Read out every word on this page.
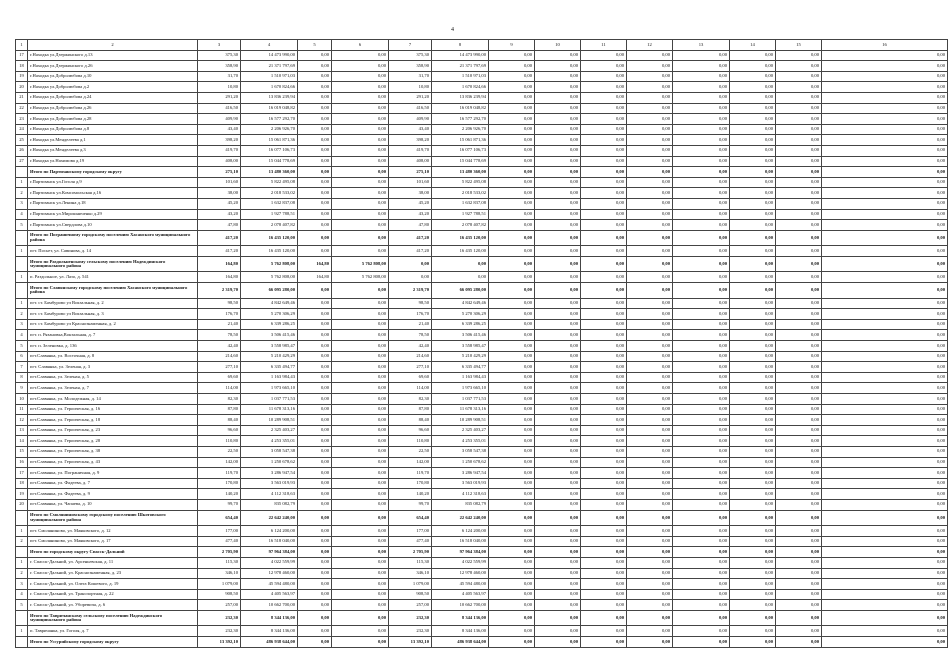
4
1	2	3	4	5	6	7	8	9	10	11	12	13	14	15	16
17	г.Находка ул.Дзержинского д.13	375,30	14 473 990,00	0,00	0,00	375,30	14 473 990,00	0,00	0,00	0,00	0,00	0,00	0,00	0,00	0,00
18	г.Находка ул.Дзержинского д.26	358,90	21 371 797,69	0,00	0,00	358,90	21 371 797,69	0,00	0,00	0,00	0,00	0,00	0,00	0,00	0,00
19	г.Находка ул.Добролюбова д.10	31,70	1 510 971,03	0,00	0,00	31,70	1 510 971,03	0,00	0,00	0,00	0,00	0,00	0,00	0,00	0,00
20	г.Находка ул.Добролюбова д.2	10,80	1 670 824,66	0,00	0,00	10,80	1 670 824,66	0,00	0,00	0,00	0,00	0,00	0,00	0,00	0,00
21	г.Находка ул.Добролюбова д.24	291,20	13 836 239,94	0,00	0,00	291,20	13 836 239,94	0,00	0,00	0,00	0,00	0,00	0,00	0,00	0,00
22	г.Находка ул.Добролюбова д.26	416,50	16 019 048,82	0,00	0,00	416,50	16 019 048,82	0,00	0,00	0,00	0,00	0,00	0,00	0,00	0,00
23	г.Находка ул.Добролюбова д.28	409,90	16 577 292,70	0,00	0,00	409,90	16 577 292,70	0,00	0,00	0,00	0,00	0,00	0,00	0,00	0,00
24	г.Находка ул.Добролюбова д.8	43,40	2 206 926,70	0,00	0,00	43,40	2 206 926,70	0,00	0,00	0,00	0,00	0,00	0,00	0,00	0,00
25	г.Находка ул.Менделеева д.1	398,20	15 061 871,36	0,00	0,00	398,20	15 061 871,36	0,00	0,00	0,00	0,00	0,00	0,00	0,00	0,00
26	г.Находка ул.Менделеева д.3	419,70	16 077 106,73	0,00	0,00	419,70	16 077 106,73	0,00	0,00	0,00	0,00	0,00	0,00	0,00	0,00
27	г.Находка ул.Нахимова д.19	408,00	15 044 778,69	0,00	0,00	408,00	15 044 778,69	0,00	0,00	0,00	0,00	0,00	0,00	0,00	0,00
	Итого по Партизанскому городскому округу	275,10	13 480 360,00	0,00	0,00	275,10	13 480 360,00	0,00	0,00	0,00	0,00	0,00	0,00	0,00	0,00
1	г.Партизанск ул.Гоголя д.9	101,60	5 822 495,08	0,00	0,00	101,60	5 822 495,08	0,00	0,00	0,00	0,00	0,00	0,00	0,00	0,00
2	г.Партизанск ул.Комсомольская д.16	38,00	2 018 533,02	0,00	0,00	38,00	2 018 533,02	0,00	0,00	0,00	0,00	0,00	0,00	0,00	0,00
3	г.Партизанск ул.Ленина д.18	45,20	1 632 837,08	0,00	0,00	45,20	1 632 837,08	0,00	0,00	0,00	0,00	0,00	0,00	0,00	0,00
4	г.Партизанск ул.Мирошниченко д.29	43,20	1 927 788,51	0,00	0,00	43,20	1 927 788,51	0,00	0,00	0,00	0,00	0,00	0,00	0,00	0,00
5	г.Партизанск ул.Свердлова д.10	47,80	2 078 407,82	0,00	0,00	47,80	2 078 407,82	0,00	0,00	0,00	0,00	0,00	0,00	0,00	0,00
	Итого по Пограничному городскому поселению Хасанского муниципального района	417,20	16 435 120,00	0,00	0,00	417,20	16 435 120,00	0,00	0,00	0,00	0,00	0,00	0,00	0,00	0,00
1	пгт. Посьет, ул. Савинова, д. 14	417,20	16 435 120,00	0,00	0,00	417,20	16 435 120,00	0,00	0,00	0,00	0,00	0,00	0,00	0,00	0,00
	Итого по Раздольненскому сельскому поселению Надеждинского муниципального района	164,80	5 762 808,00	164,80	5 762 808,00	0,00	0,00	0,00	0,00	0,00	0,00	0,00	0,00	0,00	0,00
1	п. Раздольное, ул. Лазо, д. 541	164,80	5 762 808,00	164,80	5 762 808,00	0,00	0,00	0,00	0,00	0,00	0,00	0,00	0,00	0,00	0,00
	Итого по Славянскому городскому поселению Хасанского муниципального района	2 319,70	66 095 280,00	0,00	0,00	2 319,70	66 095 280,00	0,00	0,00	0,00	0,00	0,00	0,00	0,00	0,00
1	пгт. ст. Бамбурово ул Вокзальная, д. 2	98,50	4 842 649,46	0,00	0,00	98,50	4 842 649,46	0,00	0,00	0,00	0,00	0,00	0,00	0,00	0,00
2	пгт. ст. Бамбурово ул Вокзальная, д. 3	176,70	5 270 306,29	0,00	0,00	176,70	5 270 306,29	0,00	0,00	0,00	0,00	0,00	0,00	0,00	0,00
3	пгт. ст. Бамбурово ул Краснознаменная, д. 2	21,40	6 339 286,25	0,00	0,00	21,40	6 339 286,25	0,00	0,00	0,00	0,00	0,00	0,00	0,00	0,00
4	пгт. п. Рязановка,Вокзальная, д. 7	78,50	3 506 415,46	0,00	0,00	78,50	3 506 415,46	0,00	0,00	0,00	0,00	0,00	0,00	0,00	0,00
5	пгт. п. Зеленовка, д. 136	42,40	3 558 985,47	0,00	0,00	42,40	3 558 985,47	0,00	0,00	0,00	0,00	0,00	0,00	0,00	0,00
6	пгт.Славянка, ул. Восточная, д. 8	214,60	5 210 429,29	0,00	0,00	214,60	5 210 429,29	0,00	0,00	0,00	0,00	0,00	0,00	0,00	0,00
7	пгт. Славянка, ул. Зеленая, д. 3	277,10	6 335 494,77	0,00	0,00	277,10	6 335 494,77	0,00	0,00	0,00	0,00	0,00	0,00	0,00	0,00
8	пгт.Славянка, ул. Зеленая, д. 5	69,60	1 163 984,43	0,00	0,00	69,60	1 163 984,43	0,00	0,00	0,00	0,00	0,00	0,00	0,00	0,00
9	пгт.Славянка, ул. Зеленая, д. 7	114,00	1 973 665,10	0,00	0,00	114,00	1 973 665,10	0,00	0,00	0,00	0,00	0,00	0,00	0,00	0,00
10	пгт.Славянка, ул. Молодежная, д. 14	82,30	1 037 771,53	0,00	0,00	82,30	1 037 771,53	0,00	0,00	0,00	0,00	0,00	0,00	0,00	0,00
11	пгт.Славянка, ул. Героическая, д. 16	87,80	11 678 313,16	0,00	0,00	87,80	11 678 313,16	0,00	0,00	0,00	0,00	0,00	0,00	0,00	0,00
12	пгт.Славянка, ул. Героическая, д. 18	88,40	10 289 908,51	0,00	0,00	88,40	10 289 908,51	0,00	0,00	0,00	0,00	0,00	0,00	0,00	0,00
13	пгт.Славянка, ул. Героическая, д. 23	96,60	2 325 403,27	0,00	0,00	96,60	2 325 403,27	0,00	0,00	0,00	0,00	0,00	0,00	0,00	0,00
14	пгт.Славянка, ул. Героическая, д. 28	110,80	4 253 355,01	0,00	0,00	110,80	4 253 355,01	0,00	0,00	0,00	0,00	0,00	0,00	0,00	0,00
15	пгт.Славянка, ул. Героическая, д. 38	22,50	3 058 547,38	0,00	0,00	22,50	3 058 547,38	0,00	0,00	0,00	0,00	0,00	0,00	0,00	0,00
16	пгт.Славянка, ул. Героическая, д. 43	142,00	1 250 678,62	0,00	0,00	142,00	1 250 678,62	0,00	0,00	0,00	0,00	0,00	0,00	0,00	0,00
17	пгт.Славянка, ул. Пограничная, д. 9	119,70	3 286 947,54	0,00	0,00	119,70	3 286 947,54	0,00	0,00	0,00	0,00	0,00	0,00	0,00	0,00
18	пгт.Славянка, ул. Фадеева, д. 7	170,80	3 563 019,93	0,00	0,00	170,80	3 563 019,93	0,00	0,00	0,00	0,00	0,00	0,00	0,00	0,00
19	пгт.Славянка, ул. Фадеева, д. 9	140,20	4 112 318,63	0,00	0,00	140,20	4 112 318,63	0,00	0,00	0,00	0,00	0,00	0,00	0,00	0,00
20	пгт.Славянка, ул. Чапаева, д. 10	99,70	835 082,79	0,00	0,00	99,70	835 082,79	0,00	0,00	0,00	0,00	0,00	0,00	0,00	0,00
	Итого по Смоляниновскому городскому поселению Шкотовского муниципального района	654,40	22 642 240,00	0,00	0,00	654,40	22 642 240,00	0,00	0,00	0,00	0,00	0,00	0,00	0,00	0,00
1	пгт. Смоляниново, ул. Маяковского, д. 12	177,00	6 124 200,00	0,00	0,00	177,00	6 124 200,00	0,00	0,00	0,00	0,00	0,00	0,00	0,00	0,00
2	пгт. Смоляниново, ул. Маяковского, д. 17	477,40	16 518 040,00	0,00	0,00	477,40	16 518 040,00	0,00	0,00	0,00	0,00	0,00	0,00	0,00	0,00
	Итого по городскому округу Спасск-Дальний	2 705,90	97 964 384,00	0,00	0,00	2 705,90	97 964 384,00	0,00	0,00	0,00	0,00	0,00	0,00	0,00	0,00
1	г. Спасск-Дальний, ул. Арсеньевская, д. 11	115,30	4 022 559,99	0,00	0,00	115,30	4 022 559,99	0,00	0,00	0,00	0,00	0,00	0,00	0,00	0,00
2	г. Спасск-Дальний, ул. Краснознаменная, д. 23	346,10	12 978 460,00	0,00	0,00	346,10	12 978 460,00	0,00	0,00	0,00	0,00	0,00	0,00	0,00	0,00
3	г. Спасск-Дальний, ул. Олега Кошевого, д. 19	1 079,00	45 594 480,00	0,00	0,00	1 079,00	45 594 480,00	0,00	0,00	0,00	0,00	0,00	0,00	0,00	0,00
4	г. Спасск-Дальний, ул. Транспортная, д. 22	908,50	4 405 563,97	0,00	0,00	908,50	4 405 563,97	0,00	0,00	0,00	0,00	0,00	0,00	0,00	0,00
5	г. Спасск-Дальний, ул. Уборевича, д. 6	257,00	10 662 700,00	0,00	0,00	257,00	10 662 700,00	0,00	0,00	0,00	0,00	0,00	0,00	0,00	0,00
	Итого по Тавричанскому сельскому поселению Надеждинского муниципального района	232,30	8 344 136,00	0,00	0,00	232,30	8 344 136,00	0,00	0,00	0,00	0,00	0,00	0,00	0,00	0,00
1	п. Тавричанка, ул. Гоголя, д. 7	232,30	8 344 136,00	0,00	0,00	232,30	8 344 136,00	0,00	0,00	0,00	0,00	0,00	0,00	0,00	0,00
	Итого по Уссурийскому городскому округу	13 392,10	486 938 644,00	0,00	0,00	13 392,10	486 938 644,00	0,00	0,00	0,00	0,00	0,00	0,00	0,00	0,00
